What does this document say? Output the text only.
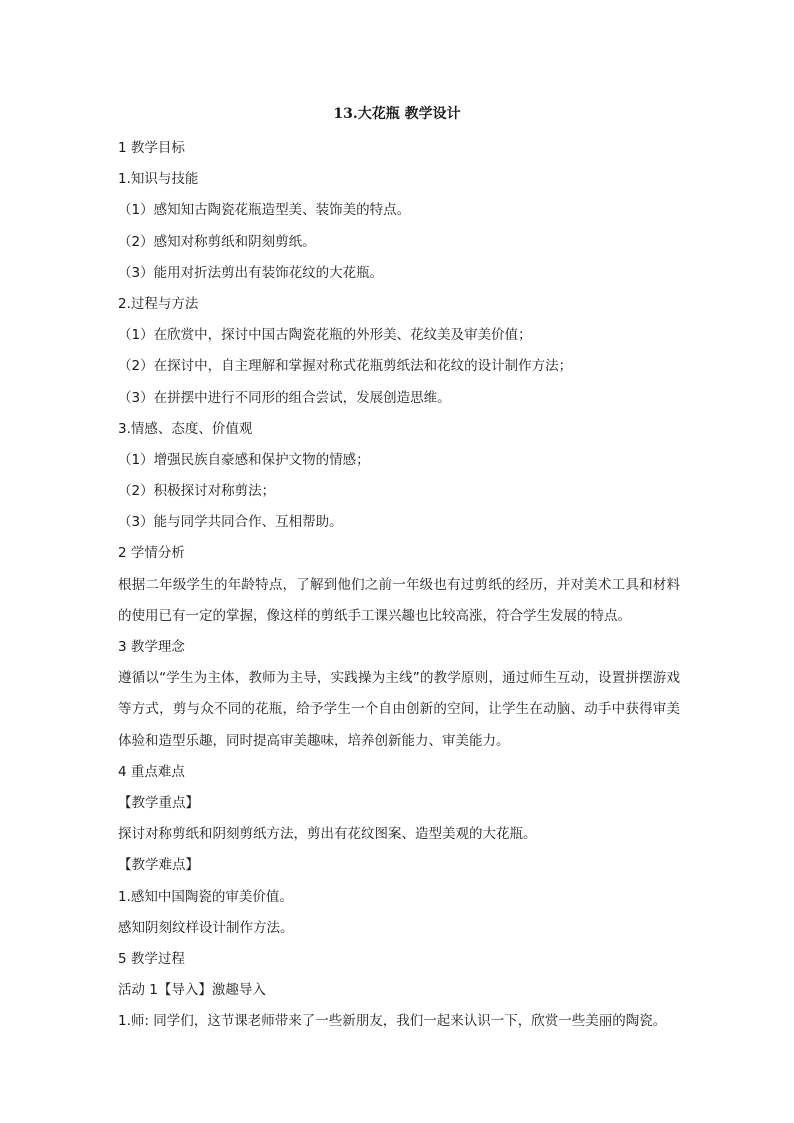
13.大花瓶 教学设计

1 教学目标

1.知识与技能

（1）感知知古陶瓷花瓶造型美、装饰美的特点。

（2）感知对称剪纸和阴刻剪纸。

（3）能用对折法剪出有装饰花纹的大花瓶。

2.过程与方法

（1）在欣赏中，探讨中国古陶瓷花瓶的外形美、花纹美及审美价值；

（2）在探讨中，自主理解和掌握对称式花瓶剪纸法和花纹的设计制作方法；

（3）在拼摆中进行不同形的组合尝试，发展创造思维。

3.情感、态度、价值观

（1）增强民族自豪感和保护文物的情感；

（2）积极探讨对称剪法；

（3）能与同学共同合作、互相帮助。

2 学情分析

根据二年级学生的年龄特点，了解到他们之前一年级也有过剪纸的经历，并对美术工具和材料的使用已有一定的掌握，像这样的剪纸手工课兴趣也比较高涨，符合学生发展的特点。

3 教学理念

遵循以“学生为主体，教师为主导，实践操为主线”的教学原则，通过师生互动，设置拼摆游戏等方式，剪与众不同的花瓶，给予学生一个自由创新的空间，让学生在动脑、动手中获得审美体验和造型乐趣，同时提高审美趣味，培养创新能力、审美能力。

4 重点难点

【教学重点】

探讨对称剪纸和阴刻剪纸方法，剪出有花纹图案、造型美观的大花瓶。

【教学难点】

1.感知中国陶瓷的审美价值。

感知阴刻纹样设计制作方法。

5 教学过程

活动 1【导入】激趣导入

1.师: 同学们，这节课老师带来了一些新朋友，我们一起来认识一下，欣赏一些美丽的陶瓷。
